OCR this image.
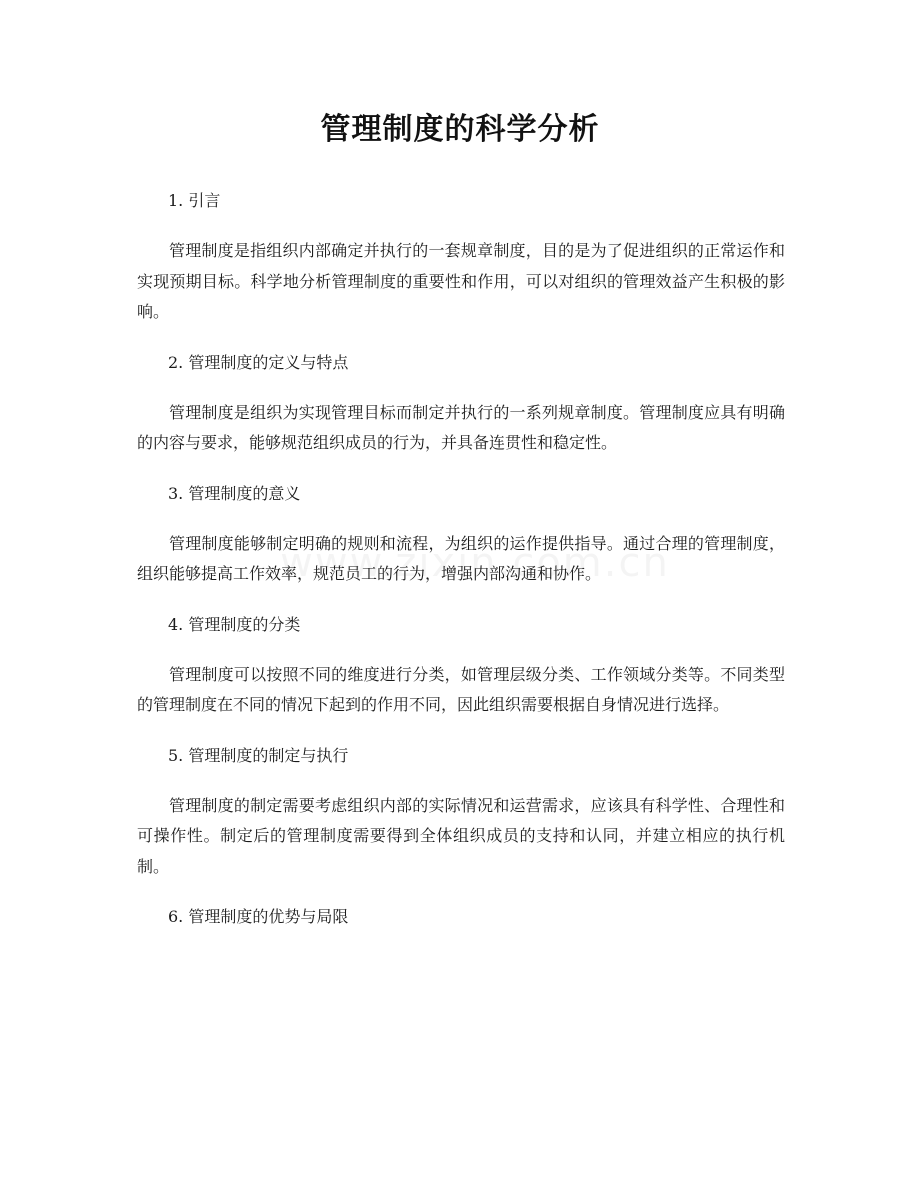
管理制度的科学分析

1. 引言

管理制度是指组织内部确定并执行的一套规章制度，目的是为了促进组织的正常运作和实现预期目标。科学地分析管理制度的重要性和作用，可以对组织的管理效益产生积极的影响。

2. 管理制度的定义与特点

管理制度是组织为实现管理目标而制定并执行的一系列规章制度。管理制度应具有明确的内容与要求，能够规范组织成员的行为，并具备连贯性和稳定性。

3. 管理制度的意义

管理制度能够制定明确的规则和流程，为组织的运作提供指导。通过合理的管理制度，组织能够提高工作效率，规范员工的行为，增强内部沟通和协作。

4. 管理制度的分类

管理制度可以按照不同的维度进行分类，如管理层级分类、工作领域分类等。不同类型的管理制度在不同的情况下起到的作用不同，因此组织需要根据自身情况进行选择。

5. 管理制度的制定与执行

管理制度的制定需要考虑组织内部的实际情况和运营需求，应该具有科学性、合理性和可操作性。制定后的管理制度需要得到全体组织成员的支持和认同，并建立相应的执行机制。

6. 管理制度的优势与局限
